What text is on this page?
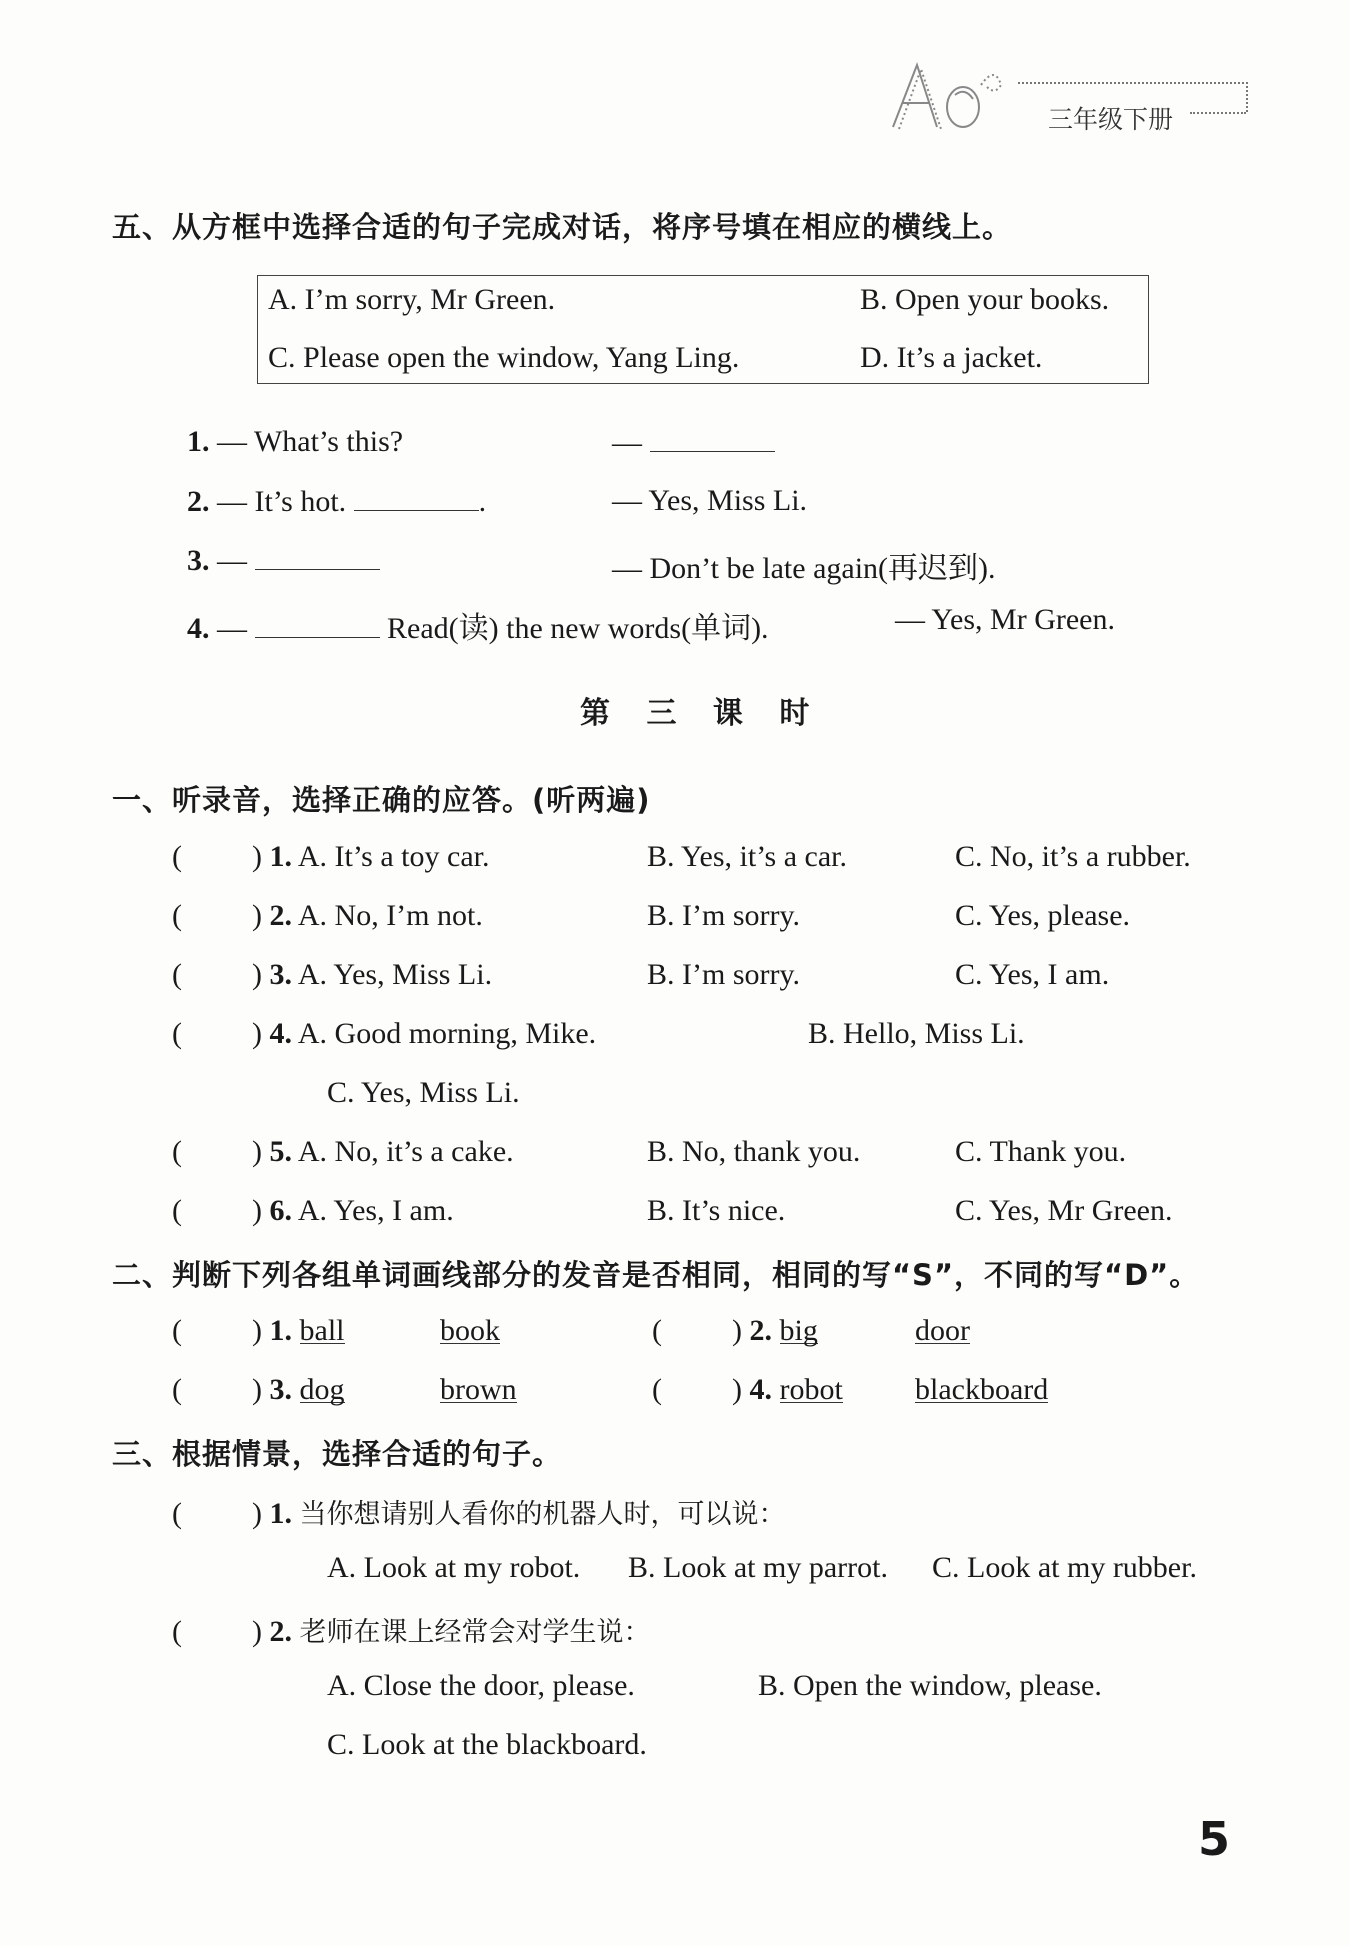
三年级下册
五、从方框中选择合适的句子完成对话，将序号填在相应的横线上。
A. I’m sorry, Mr Green.	B. Open your books.
C. Please open the window, Yang Ling.	D. It’s a jacket.
1. — What’s this?	—
2. — It’s hot.	.	— Yes, Miss Li.
3. —	— Don’t be late again(再迟到).
4. —	Read(读) the new words(单词).	— Yes, Mr Green.
第 三 课 时
一、听录音，选择正确的应答。(听两遍)
( ) 1. A. It’s a toy car.	B. Yes, it’s a car.	C. No, it’s a rubber.
( ) 2. A. No, I’m not.	B. I’m sorry.	C. Yes, please.
( ) 3. A. Yes, Miss Li.	B. I’m sorry.	C. Yes, I am.
( ) 4. A. Good morning, Mike.	B. Hello, Miss Li.
C. Yes, Miss Li.
( ) 5. A. No, it’s a cake.	B. No, thank you.	C. Thank you.
( ) 6. A. Yes, I am.	B. It’s nice.	C. Yes, Mr Green.
二、判断下列各组单词画线部分的发音是否相同，相同的写“S”，不同的写“D”。
( ) 1. ball	book	( ) 2. big	door
( ) 3. dog	brown	( ) 4. robot blackboard
三、根据情景，选择合适的句子。
( ) 1. 当你想请别人看你的机器人时，可以说：
A. Look at my robot. B. Look at my parrot. C. Look at my rubber.
( ) 2. 老师在课上经常会对学生说：
A. Close the door, please.	B. Open the window, please.
C. Look at the blackboard.
5
